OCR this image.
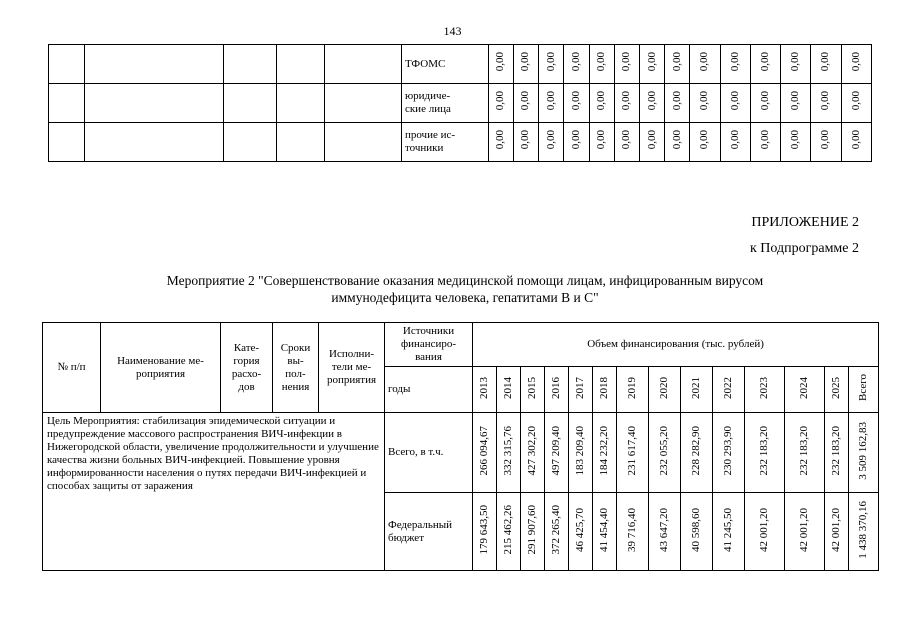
143
					ТФОМС	0,00	0,00	0,00	0,00	0,00	0,00	0,00	0,00	0,00	0,00	0,00	0,00	0,00	0,00
					юридиче-
ские лица	0,00	0,00	0,00	0,00	0,00	0,00	0,00	0,00	0,00	0,00	0,00	0,00	0,00	0,00
					прочие ис-
точники	0,00	0,00	0,00	0,00	0,00	0,00	0,00	0,00	0,00	0,00	0,00	0,00	0,00	0,00
ПРИЛОЖЕНИЕ 2
к Подпрограмме 2
Мероприятие 2 "Совершенствование оказания медицинской помощи лицам, инфицированным вирусом
иммунодефицита человека, гепатитами В и С"
№ п/п	Наименование ме-
роприятия	Кате-
гория
расхо-
дов	Сроки
вы-
пол-
нения	Исполни-
тели ме-
роприятия	Источники
финансиро-
вания	Объем финансирования (тыс. рублей)													
					годы	2013	2014	2015	2016	2017	2018	2019	2020	2021	2022	2023	2024	2025	Всего
Цель Мероприятия: стабилизация эпидемической ситуации и предупреждение массового распространения ВИЧ-инфекции в Нижегородской области, увеличение продолжительности и улучшение качества жизни больных ВИЧ-инфекцией. Повышение уровня информированности населения о путях передачи ВИЧ-инфекцией и способах защиты от заражения					Всего, в т.ч.	266 094,67	332 315,76	427 302,20	497 209,40	183 209,40	184 232,20	231 617,40	232 055,20	228 282,90	230 293,90	232 183,20	232 183,20	232 183,20	3 509 162,83
					Федеральный
бюджет	179 643,50	215 462,26	291 907,60	372 265,40	46 425,70	41 454,40	39 716,40	43 647,20	40 598,60	41 245,50	42 001,20	42 001,20	42 001,20	1 438 370,16
